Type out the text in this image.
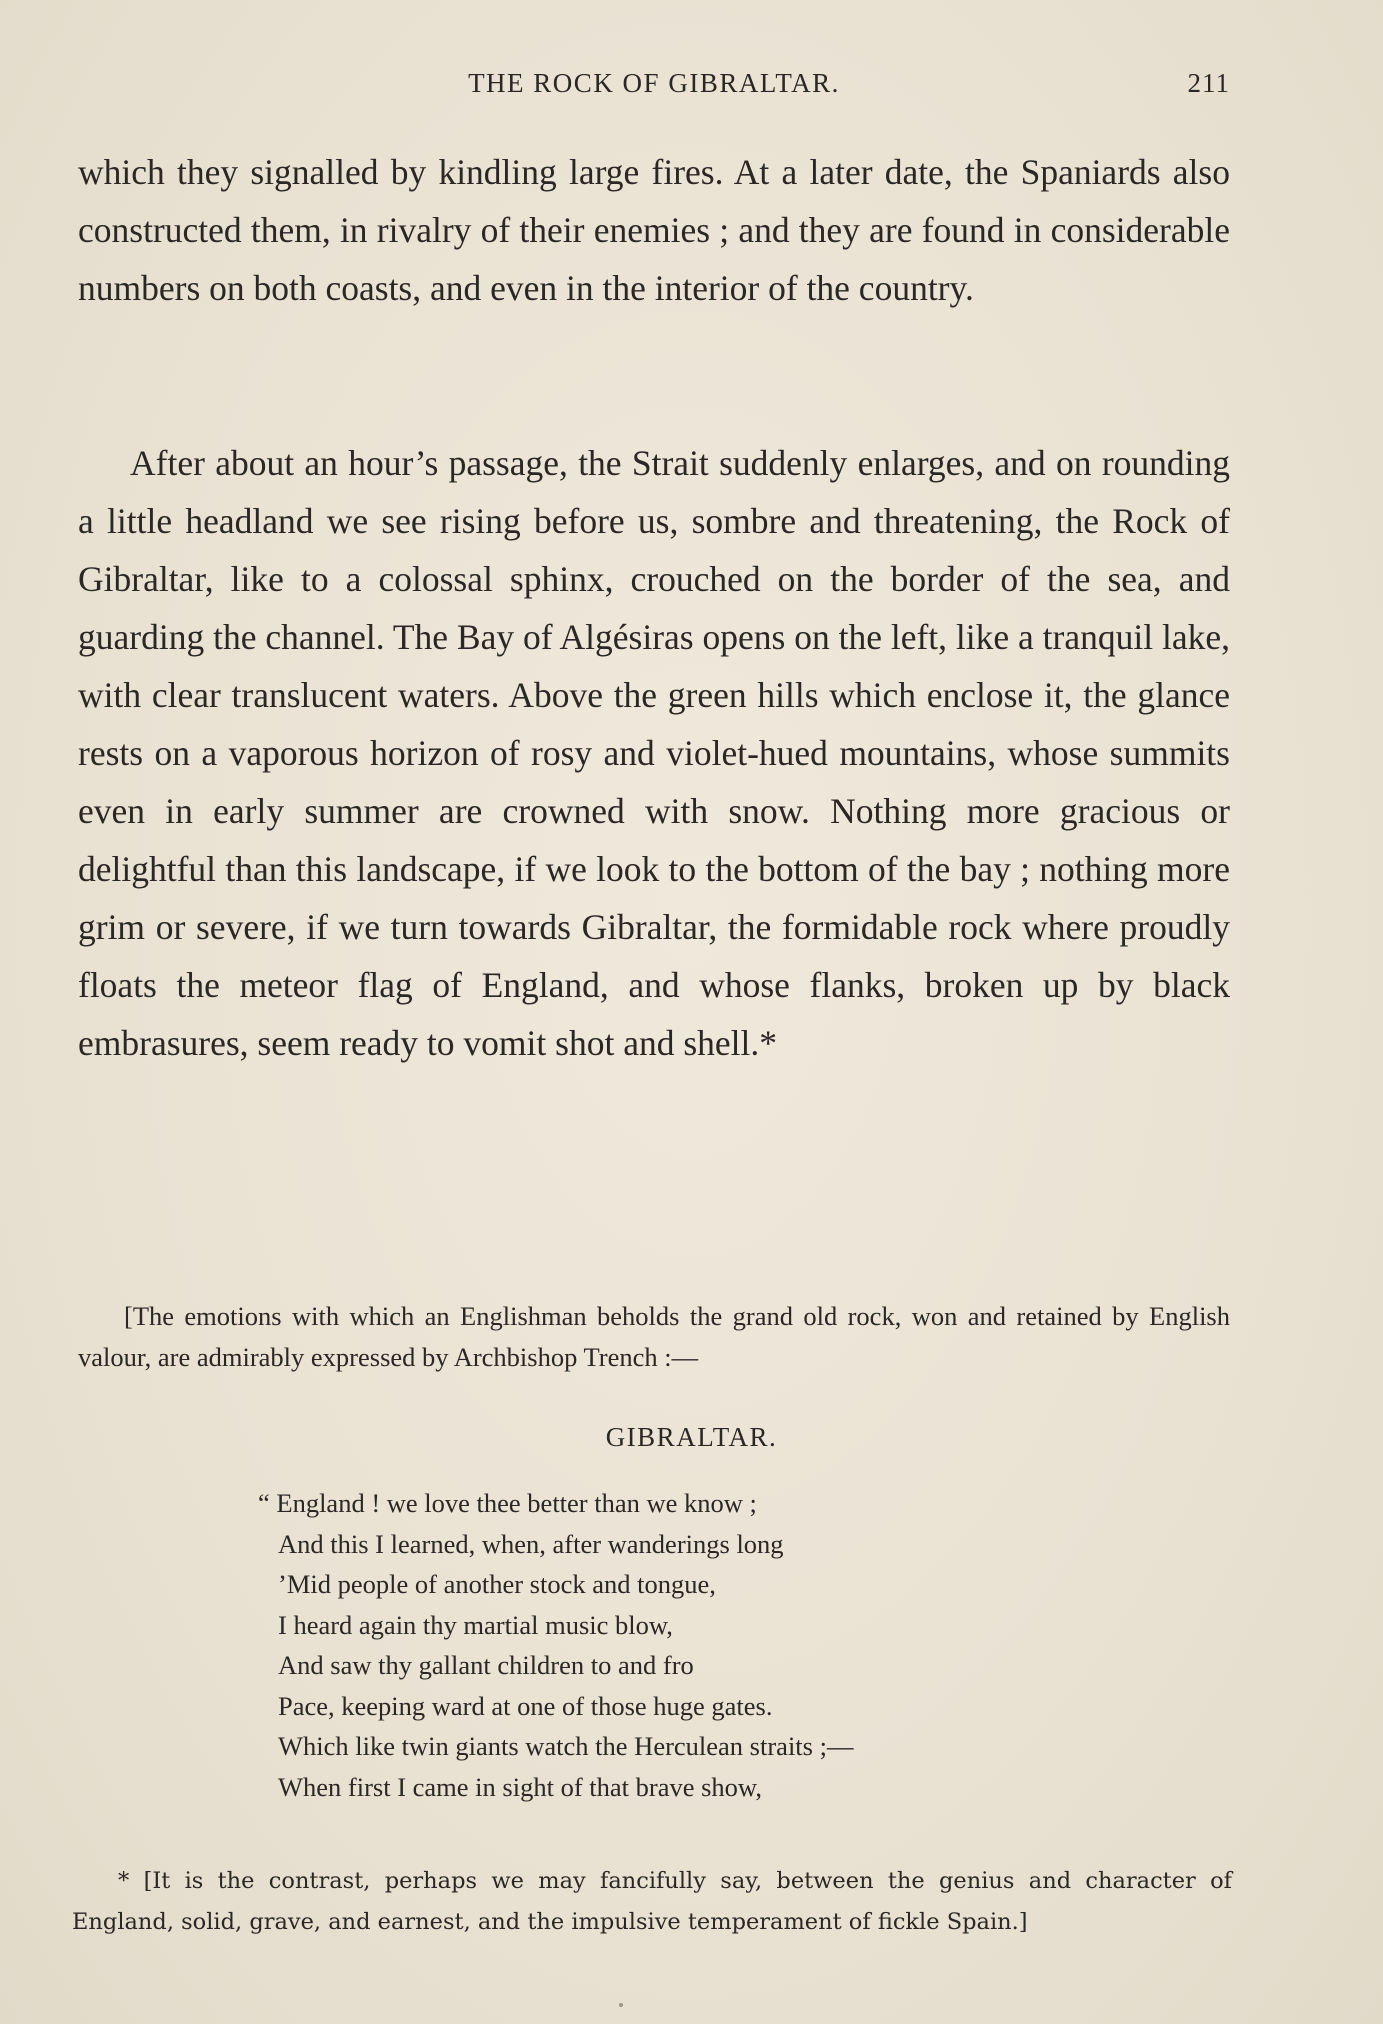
THE ROCK OF GIBRALTAR.	211

which they signalled by kindling large fires. At a later date, the Spaniards also constructed them, in rivalry of their enemies ; and they are found in considerable numbers on both coasts, and even in the interior of the country.

After about an hour’s passage, the Strait suddenly enlarges, and on rounding a little headland we see rising before us, sombre and threatening, the Rock of Gibraltar, like to a colossal sphinx, crouched on the border of the sea, and guarding the channel. The Bay of Algésiras opens on the left, like a tranquil lake, with clear translucent waters. Above the green hills which enclose it, the glance rests on a vaporous horizon of rosy and violet-hued mountains, whose summits even in early summer are crowned with snow. Nothing more gracious or delightful than this landscape, if we look to the bottom of the bay ; nothing more grim or severe, if we turn towards Gibraltar, the formidable rock where proudly floats the meteor flag of England, and whose flanks, broken up by black embrasures, seem ready to vomit shot and shell.*

[The emotions with which an Englishman beholds the grand old rock, won and retained by English valour, are admirably expressed by Archbishop Trench :—

GIBRALTAR.
“ England ! we love thee better than we know ;
And this I learned, when, after wanderings long
’Mid people of another stock and tongue,
I heard again thy martial music blow,
And saw thy gallant children to and fro
Pace, keeping ward at one of those huge gates.
Which like twin giants watch the Herculean straits ;—
When first I came in sight of that brave show,

* [It is the contrast, perhaps we may fancifully say, between the genius and character of England, solid, grave, and earnest, and the impulsive temperament of fickle Spain.]
